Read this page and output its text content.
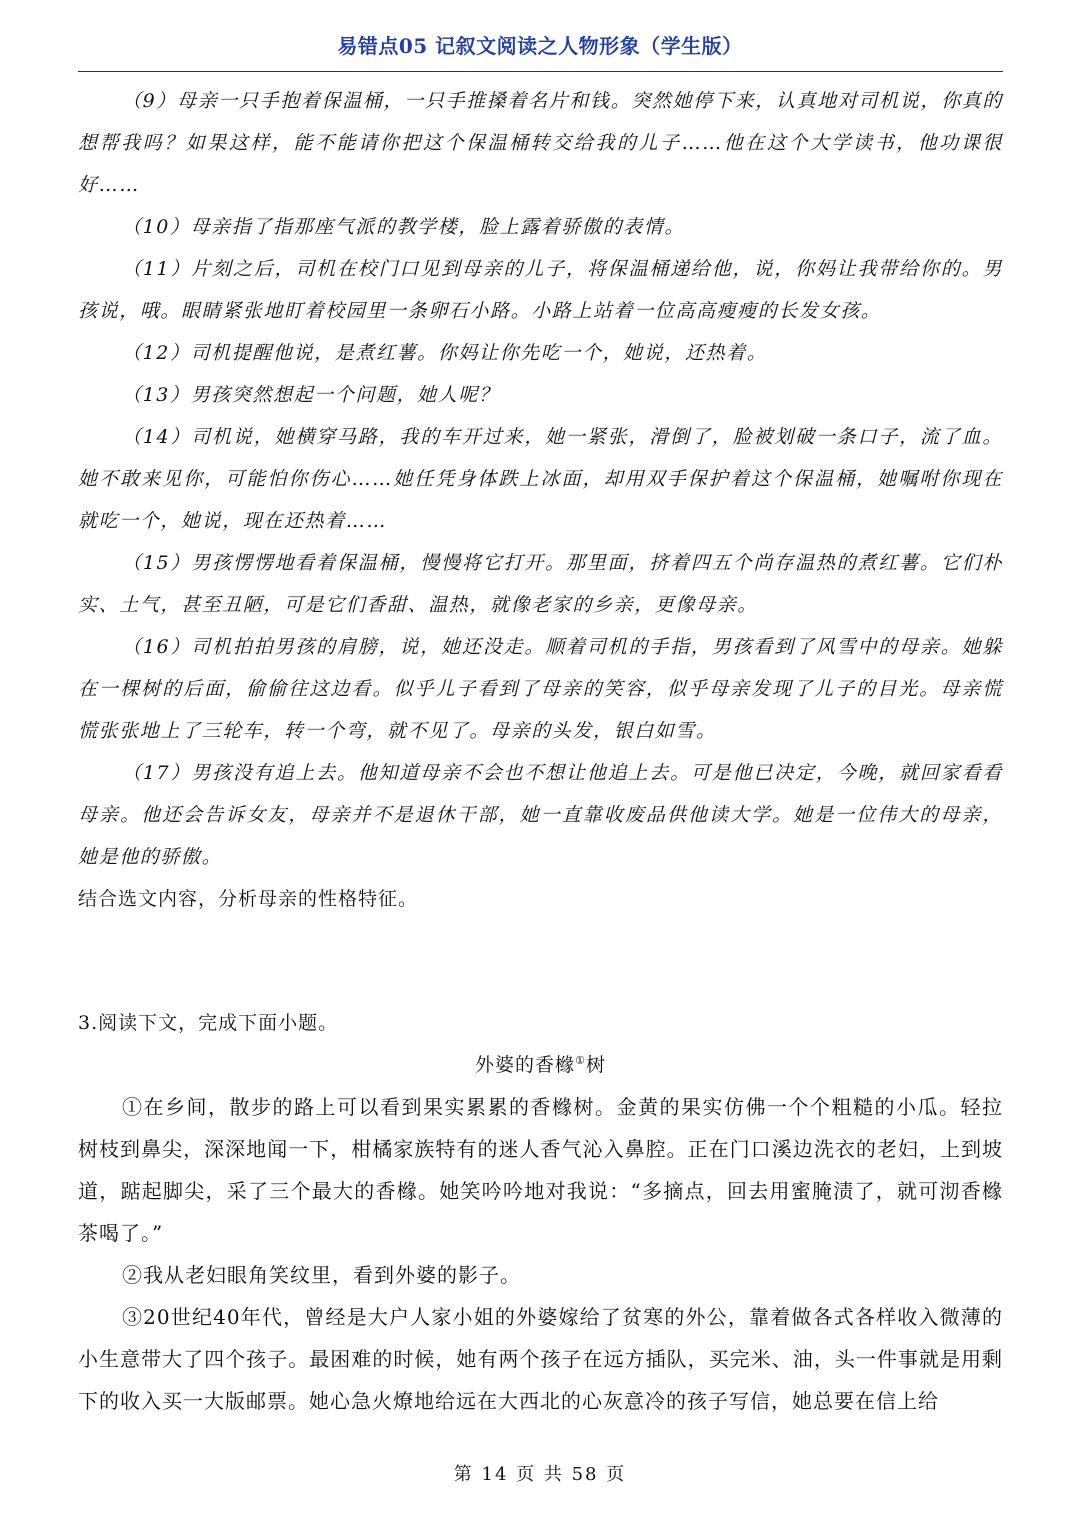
易错点05 记叙文阅读之人物形象（学生版）

（9）母亲一只手抱着保温桶，一只手推搡着名片和钱。突然她停下来，认真地对司机说，你真的想帮我吗？如果这样，能不能请你把这个保温桶转交给我的儿子……他在这个大学读书，他功课很好……

（10）母亲指了指那座气派的教学楼，脸上露着骄傲的表情。

（11）片刻之后，司机在校门口见到母亲的儿子，将保温桶递给他，说，你妈让我带给你的。男孩说，哦。眼睛紧张地盯着校园里一条卵石小路。小路上站着一位高高瘦瘦的长发女孩。

（12）司机提醒他说，是煮红薯。你妈让你先吃一个，她说，还热着。

（13）男孩突然想起一个问题，她人呢？

（14）司机说，她横穿马路，我的车开过来，她一紧张，滑倒了，脸被划破一条口子，流了血。她不敢来见你，可能怕你伤心……她任凭身体跌上冰面，却用双手保护着这个保温桶，她嘱咐你现在就吃一个，她说，现在还热着……

（15）男孩愣愣地看着保温桶，慢慢将它打开。那里面，挤着四五个尚存温热的煮红薯。它们朴实、土气，甚至丑陋，可是它们香甜、温热，就像老家的乡亲，更像母亲。

（16）司机拍拍男孩的肩膀，说，她还没走。顺着司机的手指，男孩看到了风雪中的母亲。她躲在一棵树的后面，偷偷往这边看。似乎儿子看到了母亲的笑容，似乎母亲发现了儿子的目光。母亲慌慌张张地上了三轮车，转一个弯，就不见了。母亲的头发，银白如雪。

（17）男孩没有追上去。他知道母亲不会也不想让他追上去。可是他已决定，今晚，就回家看看母亲。他还会告诉女友，母亲并不是退休干部，她一直靠收废品供他读大学。她是一位伟大的母亲，她是他的骄傲。

结合选文内容，分析母亲的性格特征。

3.阅读下文，完成下面小题。

外婆的香橼①树

①在乡间，散步的路上可以看到果实累累的香橼树。金黄的果实仿佛一个个粗糙的小瓜。轻拉树枝到鼻尖，深深地闻一下，柑橘家族特有的迷人香气沁入鼻腔。正在门口溪边洗衣的老妇，上到坡道，踮起脚尖，采了三个最大的香橼。她笑吟吟地对我说：“多摘点，回去用蜜腌渍了，就可沏香橼茶喝了。”

②我从老妇眼角笑纹里，看到外婆的影子。

③20世纪40年代，曾经是大户人家小姐的外婆嫁给了贫寒的外公，靠着做各式各样收入微薄的小生意带大了四个孩子。最困难的时候，她有两个孩子在远方插队，买完米、油，头一件事就是用剩下的收入买一大版邮票。她心急火燎地给远在大西北的心灰意冷的孩子写信，她总要在信上给

第 14 页 共 58 页
